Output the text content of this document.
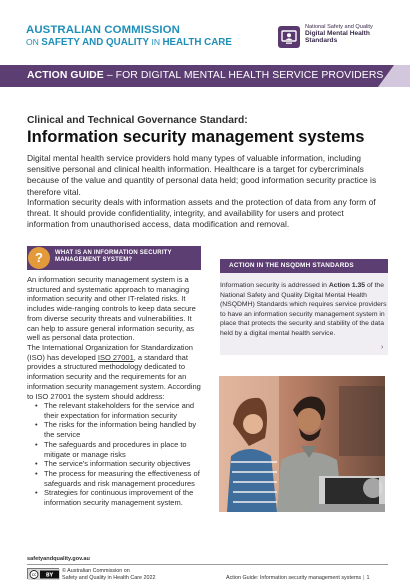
AUSTRALIAN COMMISSION
ON SAFETY AND QUALITY IN HEALTH CARE
National Safety and Quality
Digital Mental Health
Standards
ACTION GUIDE – FOR DIGITAL MENTAL HEALTH SERVICE PROVIDERS
Clinical and Technical Governance Standard:
Information security management systems

Digital mental health service providers hold many types of valuable information, including sensitive personal and clinical health information. Healthcare is a target for cybercriminals because of the value and quantity of personal data held; good information security practice is therefore vital.

Information security deals with information assets and the protection of data from any form of threat. It should provide confidentiality, integrity, and availability for users and protect information from unauthorised access, data modification and removal.

?	WHAT IS AN INFORMATION SECURITY MANAGEMENT SYSTEM?

An information security management system is a structured and systematic approach to managing information security and other IT-related risks. It includes wide-ranging controls to keep data secure from diverse security threats and vulnerabilities. It can help to assure general information security, as well as personal data protection.

The International Organization for Standardization (ISO) has developed ISO 27001, a standard that provides a structured methodology dedicated to information security and the requirements for an information security management system. According to ISO 27001 the system should address:

• The relevant stakeholders for the service and their expectation for information security
• The risks for the information being handled by the service
• The safeguards and procedures in place to mitigate or manage risks
• The service's information security objectives
• The process for measuring the effectiveness of safeguards and risk management procedures
• Strategies for continuous improvement of the information security management system.
ACTION IN THE NSQDMH STANDARDS

Information security is addressed in Action 1.35 of the National Safety and Quality Digital Mental Health (NSQDMH) Standards which requires service providers to have an information security management system in place that protects the security and stability of the data held by a digital mental health service.

›
safetyandquality.gov.au
cc BY
© Australian Commission on
Safety and Quality in Health Care 2022	Action Guide: Information security management systems | 1
